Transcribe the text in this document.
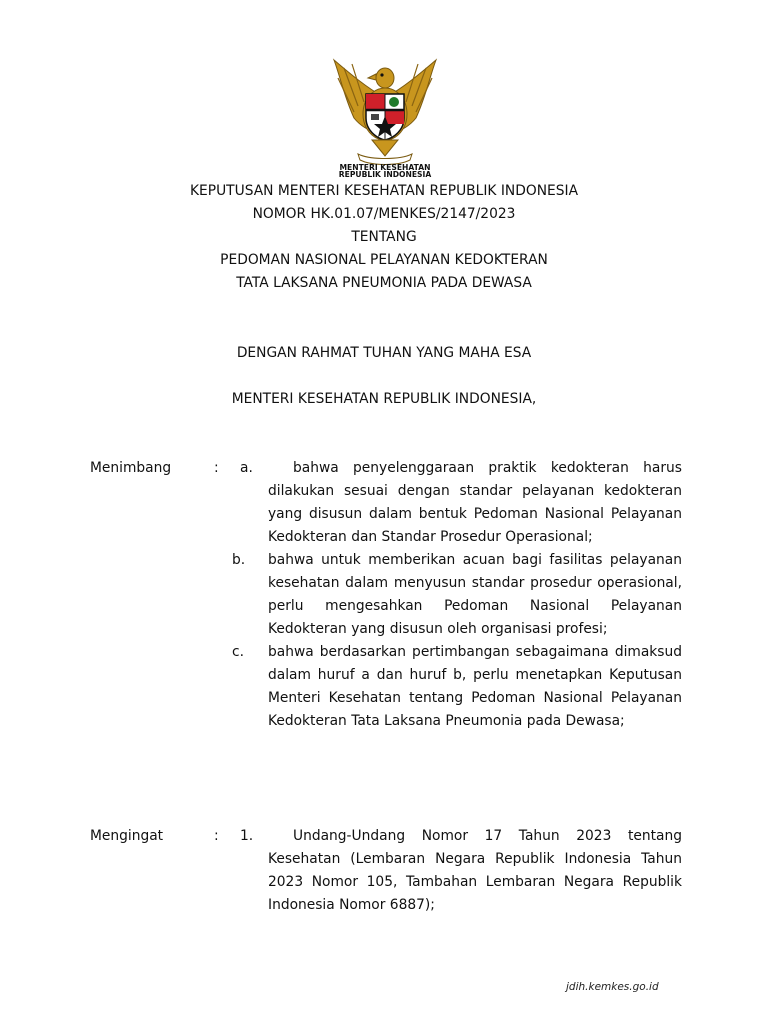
MENTERI KESEHATAN
REPUBLIK INDONESIA
KEPUTUSAN MENTERI KESEHATAN REPUBLIK INDONESIA
NOMOR HK.01.07/MENKES/2147/2023
TENTANG
PEDOMAN NASIONAL PELAYANAN KEDOKTERAN
TATA LAKSANA PNEUMONIA PADA DEWASA
DENGAN RAHMAT TUHAN YANG MAHA ESA
MENTERI KESEHATAN REPUBLIK INDONESIA,
Menimbang	: a.	bahwa penyelenggaraan praktik kedokteran harus dilakukan sesuai dengan standar pelayanan kedokteran yang disusun dalam bentuk Pedoman Nasional Pelayanan Kedokteran dan Standar Prosedur Operasional;
b. bahwa untuk memberikan acuan bagi fasilitas pelayanan kesehatan dalam menyusun standar prosedur operasional, perlu mengesahkan Pedoman Nasional Pelayanan Kedokteran yang disusun oleh organisasi profesi;
c. bahwa berdasarkan pertimbangan sebagaimana dimaksud dalam huruf a dan huruf b, perlu menetapkan Keputusan Menteri Kesehatan tentang Pedoman Nasional Pelayanan Kedokteran Tata Laksana Pneumonia pada Dewasa;
Mengingat	: 1.	Undang-Undang Nomor 17 Tahun 2023 tentang Kesehatan (Lembaran Negara Republik Indonesia Tahun 2023 Nomor 105, Tambahan Lembaran Negara Republik Indonesia Nomor 6887);
jdih.kemkes.go.id
